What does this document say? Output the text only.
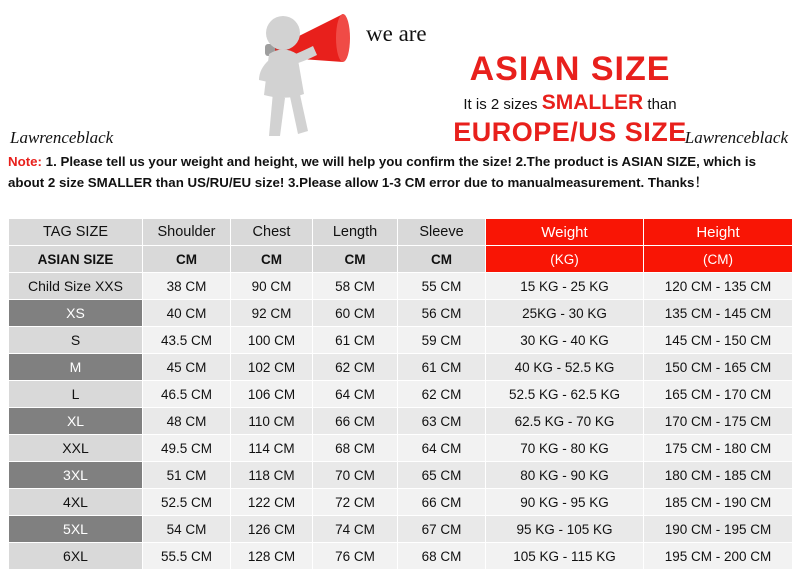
we are
ASIAN SIZE
It is 2 sizes SMALLER than
EUROPE/US SIZE
Lawrenceblack	Lawrenceblack
Note: 1. Please tell us your weight and height, we will help you confirm the size! 2.The product is ASIAN SIZE, which is about 2 size SMALLER than US/RU/EU size! 3.Please allow 1-3 CM error due to manualmeasurement. Thanks！
TAG SIZE	Shoulder	Chest	Length	Sleeve	Weight	Height
ASIAN SIZE	CM	CM	CM	CM	(KG)	(CM)
Child Size XXS	38 CM	90 CM	58 CM	55 CM	15 KG - 25 KG	120 CM - 135 CM
XS	40 CM	92 CM	60 CM	56 CM	25KG - 30 KG	135 CM - 145 CM
S	43.5 CM	100 CM	61 CM	59 CM	30 KG - 40 KG	145 CM - 150 CM
M	45 CM	102 CM	62 CM	61 CM	40 KG - 52.5 KG	150 CM - 165 CM
L	46.5 CM	106 CM	64 CM	62 CM	52.5 KG - 62.5 KG	165 CM - 170 CM
XL	48 CM	110 CM	66 CM	63 CM	62.5 KG - 70 KG	170 CM - 175 CM
XXL	49.5 CM	114 CM	68 CM	64 CM	70 KG - 80 KG	175 CM - 180 CM
3XL	51 CM	118 CM	70 CM	65 CM	80 KG - 90 KG	180 CM - 185 CM
4XL	52.5 CM	122 CM	72 CM	66 CM	90 KG - 95 KG	185 CM - 190 CM
5XL	54 CM	126 CM	74 CM	67 CM	95 KG - 105 KG	190 CM - 195 CM
6XL	55.5 CM	128 CM	76 CM	68 CM	105 KG - 115 KG	195 CM - 200 CM
